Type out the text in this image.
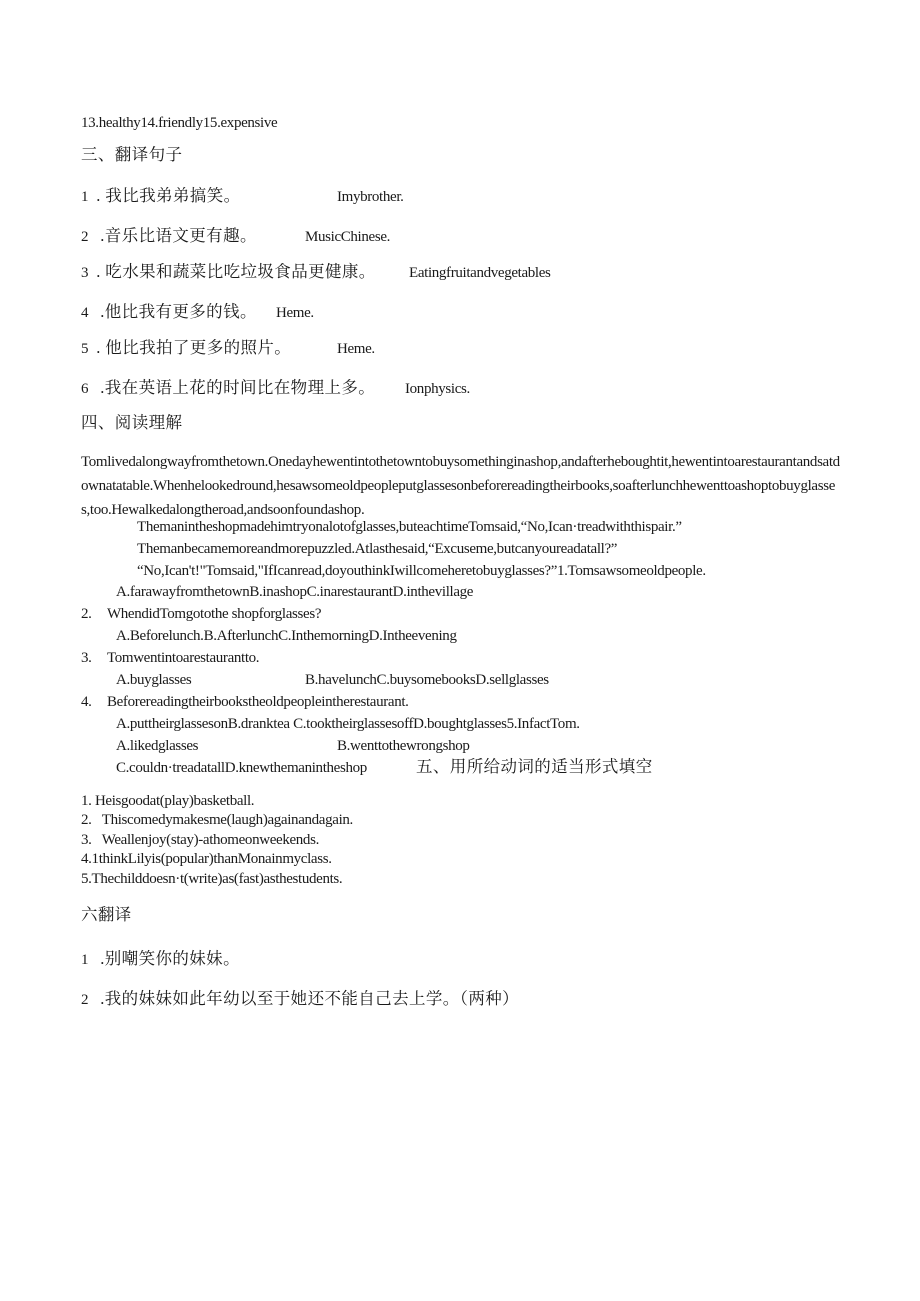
13.healthy14.friendly15.expensive
三、翻译句子
1 . 我比我弟弟搞笑。	Imybrother.
2 .音乐比语文更有趣。	MusicChinese.
3 . 吃水果和蔬菜比吃垃圾食品更健康。 Eatingfruitandvegetables
4 .他比我有更多的钱。 Heme.
5 . 他比我拍了更多的照片。	Heme.
6 .我在英语上花的时间比在物理上多。 Ionphysics.
四、阅读理解
Tomlivedalongwayfromthetown.Onedayhewentintothetowntobuysomethinginashop,andafterheboughtit,hewentintoarestaurantandsatdownatatable.Whenhelookedround,hesawsomeoldpeopleputglassesonbeforereadingtheirbooks,soafterlunchhewenttoashoptobuyglasses,too.Hewalkedalongtheroad,andsoonfoundashop.
Themanintheshopmadehimtryonalotofglasses,buteachtimeTomsaid,“No,Ican·treadwiththispair.”
Themanbecamemoreandmorepuzzled.Atlasthesaid,“Excuseme,butcanyoureadatall?”
“No,Ican't!"Tomsaid,"IfIcanread,doyouthinkIwillcomeheretobuyglasses?”1.Tomsawsomeoldpeople.
A.farawayfromthetownB.inashopC.inarestaurantD.inthevillage
2. WhendidTomgotothe shopforglasses?
A.Beforelunch.B.AfterlunchC.InthemorningD.Intheevening
3. Tomwentintoarestaurantto.
A.buyglasses	B.havelunchC.buysomebooksD.sellglasses
4. Beforereadingtheirbookstheoldpeopleintherestaurant.
A.puttheirglassesonB.dranktea C.tooktheirglassesoffD.boughtglasses5.InfactTom.
A.likedglasses	B.wenttothewrongshop
C.couldn·treadatallD.knewthemanintheshop	五、用所给动词的适当形式填空
1. Heisgoodat(play)basketball.
2.   Thiscomedymakesme(laugh)againandagain.
3.   Weallenjoy(stay)-athomeonweekends.
4.1thinkLilyis(popular)thanMonainmyclass.
5.Thechilddoesn·t(write)as(fast)asthestudents.
六翻译
1 .别嘲笑你的妹妹。
2 .我的妹妹如此年幼以至于她还不能自己去上学。（两种）
